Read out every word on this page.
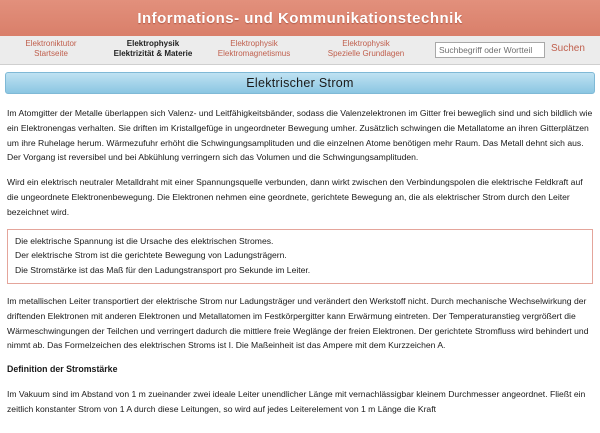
Informations- und Kommunikationstechnik
Elektroniktutor
Startseite
Elektrophysik
Elektrizität & Materie
Elektrophysik
Elektromagnetismus
Elektrophysik
Spezielle Grundlagen
Suchbegriff oder Wortteil	Suchen
Elektrischer Strom

Im Atomgitter der Metalle überlappen sich Valenz- und Leitfähigkeitsbänder, sodass die Valenzelektronen im Gitter frei beweglich sind und sich bildlich wie ein Elektronengas verhalten. Sie driften im Kristallgefüge in ungeordneter Bewegung umher. Zusätzlich schwingen die Metallatome an ihren Gitterplätzen um ihre Ruhelage herum. Wärmezufuhr erhöht die Schwingungsamplituden und die einzelnen Atome benötigen mehr Raum. Das Metall dehnt sich aus. Der Vorgang ist reversibel und bei Abkühlung verringern sich das Volumen und die Schwingungsamplituden.

Wird ein elektrisch neutraler Metalldraht mit einer Spannungsquelle verbunden, dann wirkt zwischen den Verbindungspolen die elektrische Feldkraft auf die ungeordnete Elektronenbewegung. Die Elektronen nehmen eine geordnete, gerichtete Bewegung an, die als elektrischer Strom durch den Leiter bezeichnet wird.

Die elektrische Spannung ist die Ursache des elektrischen Stromes.

Der elektrische Strom ist die gerichtete Bewegung von Ladungsträgern.

Die Stromstärke ist das Maß für den Ladungstransport pro Sekunde im Leiter.

Im metallischen Leiter transportiert der elektrische Strom nur Ladungsträger und verändert den Werkstoff nicht. Durch mechanische Wechselwirkung der driftenden Elektronen mit anderen Elektronen und Metallatomen im Festkörpergitter kann Erwärmung eintreten. Der Temperaturanstieg vergrößert die Wärmeschwingungen der Teilchen und verringert dadurch die mittlere freie Weglänge der freien Elektronen. Der gerichtete Stromfluss wird behindert und nimmt ab. Das Formelzeichen des elektrischen Stroms ist I. Die Maßeinheit ist das Ampere mit dem Kurzzeichen A.

Definition der Stromstärke

Im Vakuum sind im Abstand von 1 m zueinander zwei ideale Leiter unendlicher Länge mit vernachlässigbar kleinem Durchmesser angeordnet. Fließt ein zeitlich konstanter Strom von 1 A durch diese Leitungen, so wird auf jedes Leiterelement von 1 m Länge die Kraft
